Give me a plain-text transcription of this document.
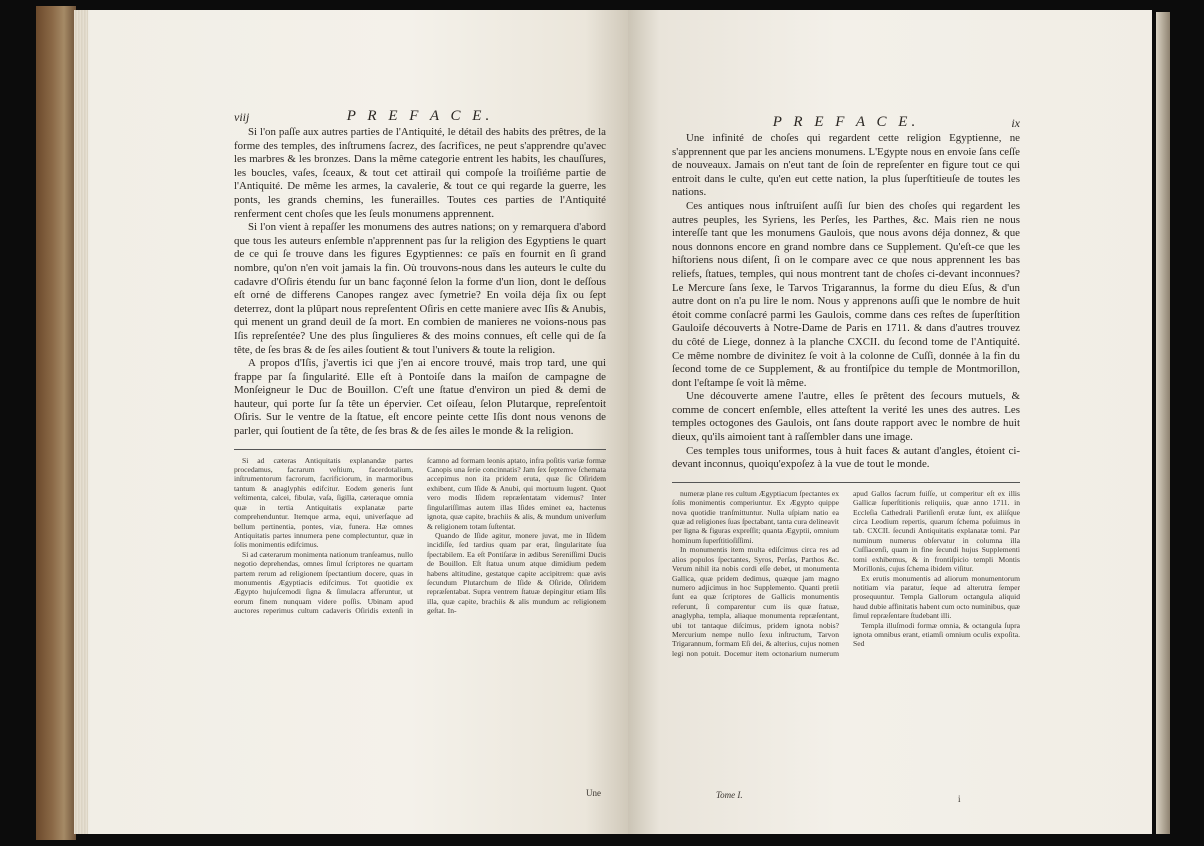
viij	P R E F A C E.

Si l'on paſſe aux autres parties de l'Antiquité, le détail des habits des prêtres, de la forme des temples, des inſtrumens ſacrez, des ſacrifices, ne peut s'apprendre qu'avec les marbres & les bronzes. Dans la même categorie entrent les habits, les chauſſures, les boucles, vaſes, ſceaux, & tout cet attirail qui compoſe la troiſiéme partie de l'Antiquité. De même les armes, la cavalerie, & tout ce qui regarde la guerre, les ponts, les grands chemins, les funerailles. Toutes ces parties de l'Antiquité renferment cent choſes que les ſeuls monumens apprennent.

Si l'on vient à repaſſer les monumens des autres nations; on y remarquera d'abord que tous les auteurs enſemble n'apprennent pas ſur la religion des Egyptiens le quart de ce qui ſe trouve dans les figures Egyptiennes: ce païs en fournit en ſi grand nombre, qu'on n'en voit jamais la fin. Où trouvons-nous dans les auteurs le culte du cadavre d'Oſiris étendu ſur un banc façonné ſelon la forme d'un lion, dont le deſſous eſt orné de differens Canopes rangez avec ſymetrie? En voila déja ſix ou ſept deterrez, dont la plûpart nous repreſentent Oſiris en cette maniere avec Iſis & Anubis, qui menent un grand deuil de ſa mort. En combien de manieres ne voions-nous pas Iſis repreſentée? Une des plus ſingulieres & des moins connues, eſt celle qui de ſa tête, de ſes bras & de ſes ailes ſoutient & tout l'univers & toute la religion.

A propos d'Iſis, j'avertis ici que j'en ai encore trouvé, mais trop tard, une qui frappe par ſa ſingularité. Elle eſt à Pontoiſe dans la maiſon de campagne de Monſeigneur le Duc de Bouillon. C'eſt une ſtatue d'environ un pied & demi de hauteur, qui porte ſur ſa tête un épervier. Cet oiſeau, ſelon Plutarque, repreſentoit Oſiris. Sur le ventre de la ſtatue, eſt encore peinte cette Iſis dont nous venons de parler, qui ſoutient de ſa tête, de ſes bras & de ſes ailes le monde & la religion.

Si ad cæteras Antiquitatis explanandæ partes procedamus, facrarum veſtium, facerdotalium, inſtrumentorum facrorum, facrificiorum, in marmoribus tantum & anaglyphis edifcitur. Eodem generis ſunt veſtimenta, calcei, fibulæ, vaſa, ſigilla, cæteraque omnia quæ in tertia Antiquitatis explanatæ parte comprehenduntur. Itemque arma, equi, univerſaque ad bellum pertinentia, pontes, viæ, funera. Hæ omnes Antiquitatis partes innumera pene complectuntur, quæ in ſolis monimentis edifcimus.

Si ad cæterarum monimenta nationum tranſeamus, nullo negotio deprehendas, omnes ſimul ſcriptores ne quartam partem rerum ad religionem ſpectantium docere, quas in monumentis Ægyptiacis edifcimus. Tot quotidie ex Ægypto hujuſcemodi ſigna & ſimulacra afferuntur, ut eorum finem nunquam videre poſſis. Ubinam apud auctores reperimus cultum cadaveris Oſiridis extenſi in ſcamno ad formam leonis aptato, infra poſitis variæ formæ Canopis una ſerie concinnatis? Jam ſex ſeptemve ſchemata accepimus non ita pridem eruta, quæ ſic Oſiridem exhibent, cum Iſide & Anubi, qui mortuum lugent. Quot vero modis Iſidem repræſentatam videmus? Inter ſingulariſſimas autem illas Iſides eminet ea, hactenus ignota, quæ capite, brachiis & alis, & mundum univerſum & religionem totam ſuſtentat.

Quando de Iſide agitur, monere juvat, me in Iſidem incidiſſe, ſed tardius quam par erat, ſingularitate ſua ſpectabilem. Ea eſt Pontiſaræ in ædibus Sereniſſimi Ducis de Bouillon. Eſt ſtatua unum atque dimidium pedem habens altitudine, gestatque capite accipitrem: quæ avis ſecundum Plutarchum de Iſide & Oſiride, Oſiridem repræſentabat. Supra ventrem ſtatuæ depingitur etiam Iſis illa, quæ capite, brachiis & alis mundum ac religionem geſtat. In-

Une
P R E F A C E.	ix

Une infinité de choſes qui regardent cette religion Egyptienne, ne s'apprennent que par les anciens monumens. L'Egypte nous en envoie ſans ceſſe de nouveaux. Jamais on n'eut tant de ſoin de repreſenter en figure tout ce qui entroit dans le culte, qu'en eut cette nation, la plus ſuperſtitieuſe de toutes les nations.

Ces antiques nous inſtruiſent auſſi ſur bien des choſes qui regardent les autres peuples, les Syriens, les Perſes, les Parthes, &c. Mais rien ne nous intereſſe tant que les monumens Gaulois, que nous avons déja donnez, & que nous donnons encore en grand nombre dans ce Supplement. Qu'eſt-ce que les hiſtoriens nous diſent, ſi on le compare avec ce que nous apprennent les bas reliefs, ſtatues, temples, qui nous montrent tant de choſes ci-devant inconnues? Le Mercure ſans ſexe, le Tarvos Trigarannus, la forme du dieu Eſus, & d'un autre dont on n'a pu lire le nom. Nous y apprenons auſſi que le nombre de huit étoit comme conſacré parmi les Gaulois, comme dans ces reſtes de ſuperſtition Gauloiſe découverts à Notre-Dame de Paris en 1711. & dans d'autres trouvez du côté de Liege, donnez à la planche CXCII. du ſecond tome de l'Antiquité. Ce même nombre de divinitez ſe voit à la colonne de Cuſſi, donnée à la fin du ſecond tome de ce Supplement, & au frontiſpice du temple de Montmorillon, dont l'eſtampe ſe voit là même.

Une découverte amene l'autre, elles ſe prêtent des ſecours mutuels, & comme de concert enſemble, elles atteſtent la verité les unes des autres. Les temples octogones des Gaulois, ont ſans doute rapport avec le nombre de huit dieux, qu'ils aimoient tant à raſſembler dans une image.

Ces temples tous uniformes, tous à huit faces & autant d'angles, étoient ci-devant inconnus, quoiqu'expoſez à la vue de tout le monde.

numeræ plane res cultum Ægyptiacum ſpectantes ex ſolis monimentis comperiuntur. Ex Ægypto quippe nova quotidie tranſmittuntur. Nulla uſpiam natio ea quæ ad religiones ſuas ſpectabant, tanta cura delineavit per ligna & figuras expreſſit; quanta Ægyptii, omnium hominum ſuperſtitioſiſſimi.

In monumentis item multa ediſcimus circa res ad alios populos ſpectantes, Syros, Perſas, Parthos &c. Verum nihil ita nobis cordi eſſe debet, ut monumenta Gallica, quæ pridem dedimus, quæque jam magno numero adjicimus in hoc Supplemento. Quanti pretii ſunt ea quæ ſcriptores de Gallicis monumentis referunt, ſi comparentur cum iis quæ ſtatuæ, anaglypha, templa, aliaque monumenta repræſentant, ubi tot tantaque diſcimus, pridem ignota nobis? Mercurium nempe nullo ſexu inſtructum, Tarvon Trigarannum, formam Eſi dei, & alterius, cujus nomen legi non potuit. Docemur item octonarium numerum apud Gallos ſacrum fuiſſe, ut comperitur eſt ex illis Gallicæ ſuperſtitionis reliquiis, quæ anno 1711. in Eccleſia Cathedrali Pariſienſi erutæ ſunt, ex aliiſque circa Leodium repertis, quarum ſchema poſuimus in tab. CXCII. ſecundi Antiquitatis explanatæ tomi. Par numinum numerus obſervatur in columna illa Cuſſiacenſi, quam in fine ſecundi hujus Supplementi tomi exhibemus, & in frontiſpicio templi Montis Morillonis, cujus ſchema ibidem viſitur.

Ex erutis monumentis ad aliorum monumentorum notitiam via paratur, ſeque ad alterutra ſemper prosequuntur. Templa Gallorum octangula aliquid haud dubie affinitatis habent cum octo numinibus, quæ ſimul repræſentare ſtudebant illi.

Templa illuſmodi formæ omnia, & octangula ſupra ignota omnibus erant, etiamſi omnium oculis expoſita. Sed

Tome I.	i
